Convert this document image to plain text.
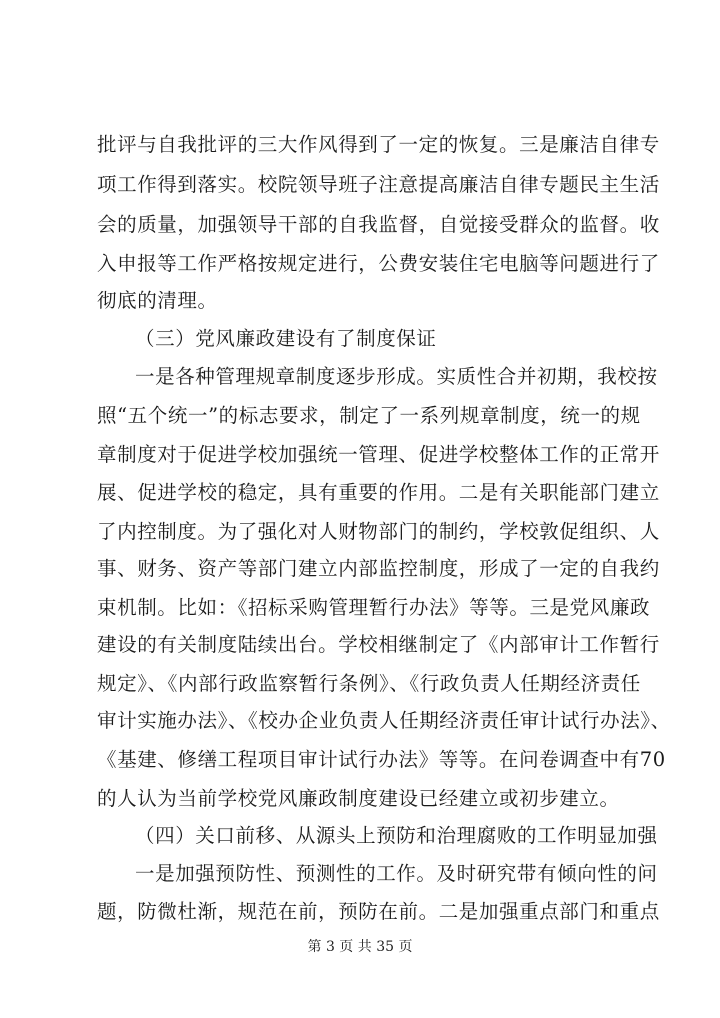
批评与自我批评的三大作风得到了一定的恢复。三是廉洁自律专
项工作得到落实。校院领导班子注意提高廉洁自律专题民主生活
会的质量，加强领导干部的自我监督，自觉接受群众的监督。收
入申报等工作严格按规定进行，公费安装住宅电脑等问题进行了
彻底的清理。
（三）党风廉政建设有了制度保证
一是各种管理规章制度逐步形成。实质性合并初期，我校按
照“五个统一”的标志要求，制定了一系列规章制度，统一的规
章制度对于促进学校加强统一管理、促进学校整体工作的正常开
展、促进学校的稳定，具有重要的作用。二是有关职能部门建立
了内控制度。为了强化对人财物部门的制约，学校敦促组织、人
事、财务、资产等部门建立内部监控制度，形成了一定的自我约
束机制。比如：《招标采购管理暂行办法》等等。三是党风廉政
建设的有关制度陆续出台。学校相继制定了《内部审计工作暂行
规定》、《内部行政监察暂行条例》、《行政负责人任期经济责任
审计实施办法》、《校办企业负责人任期经济责任审计试行办法》、
《基建、修缮工程项目审计试行办法》等等。在问卷调查中有70
的人认为当前学校党风廉政制度建设已经建立或初步建立。
（四）关口前移、从源头上预防和治理腐败的工作明显加强
一是加强预防性、预测性的工作。及时研究带有倾向性的问
题，防微杜渐，规范在前，预防在前。二是加强重点部门和重点
第 3 页 共 35 页
